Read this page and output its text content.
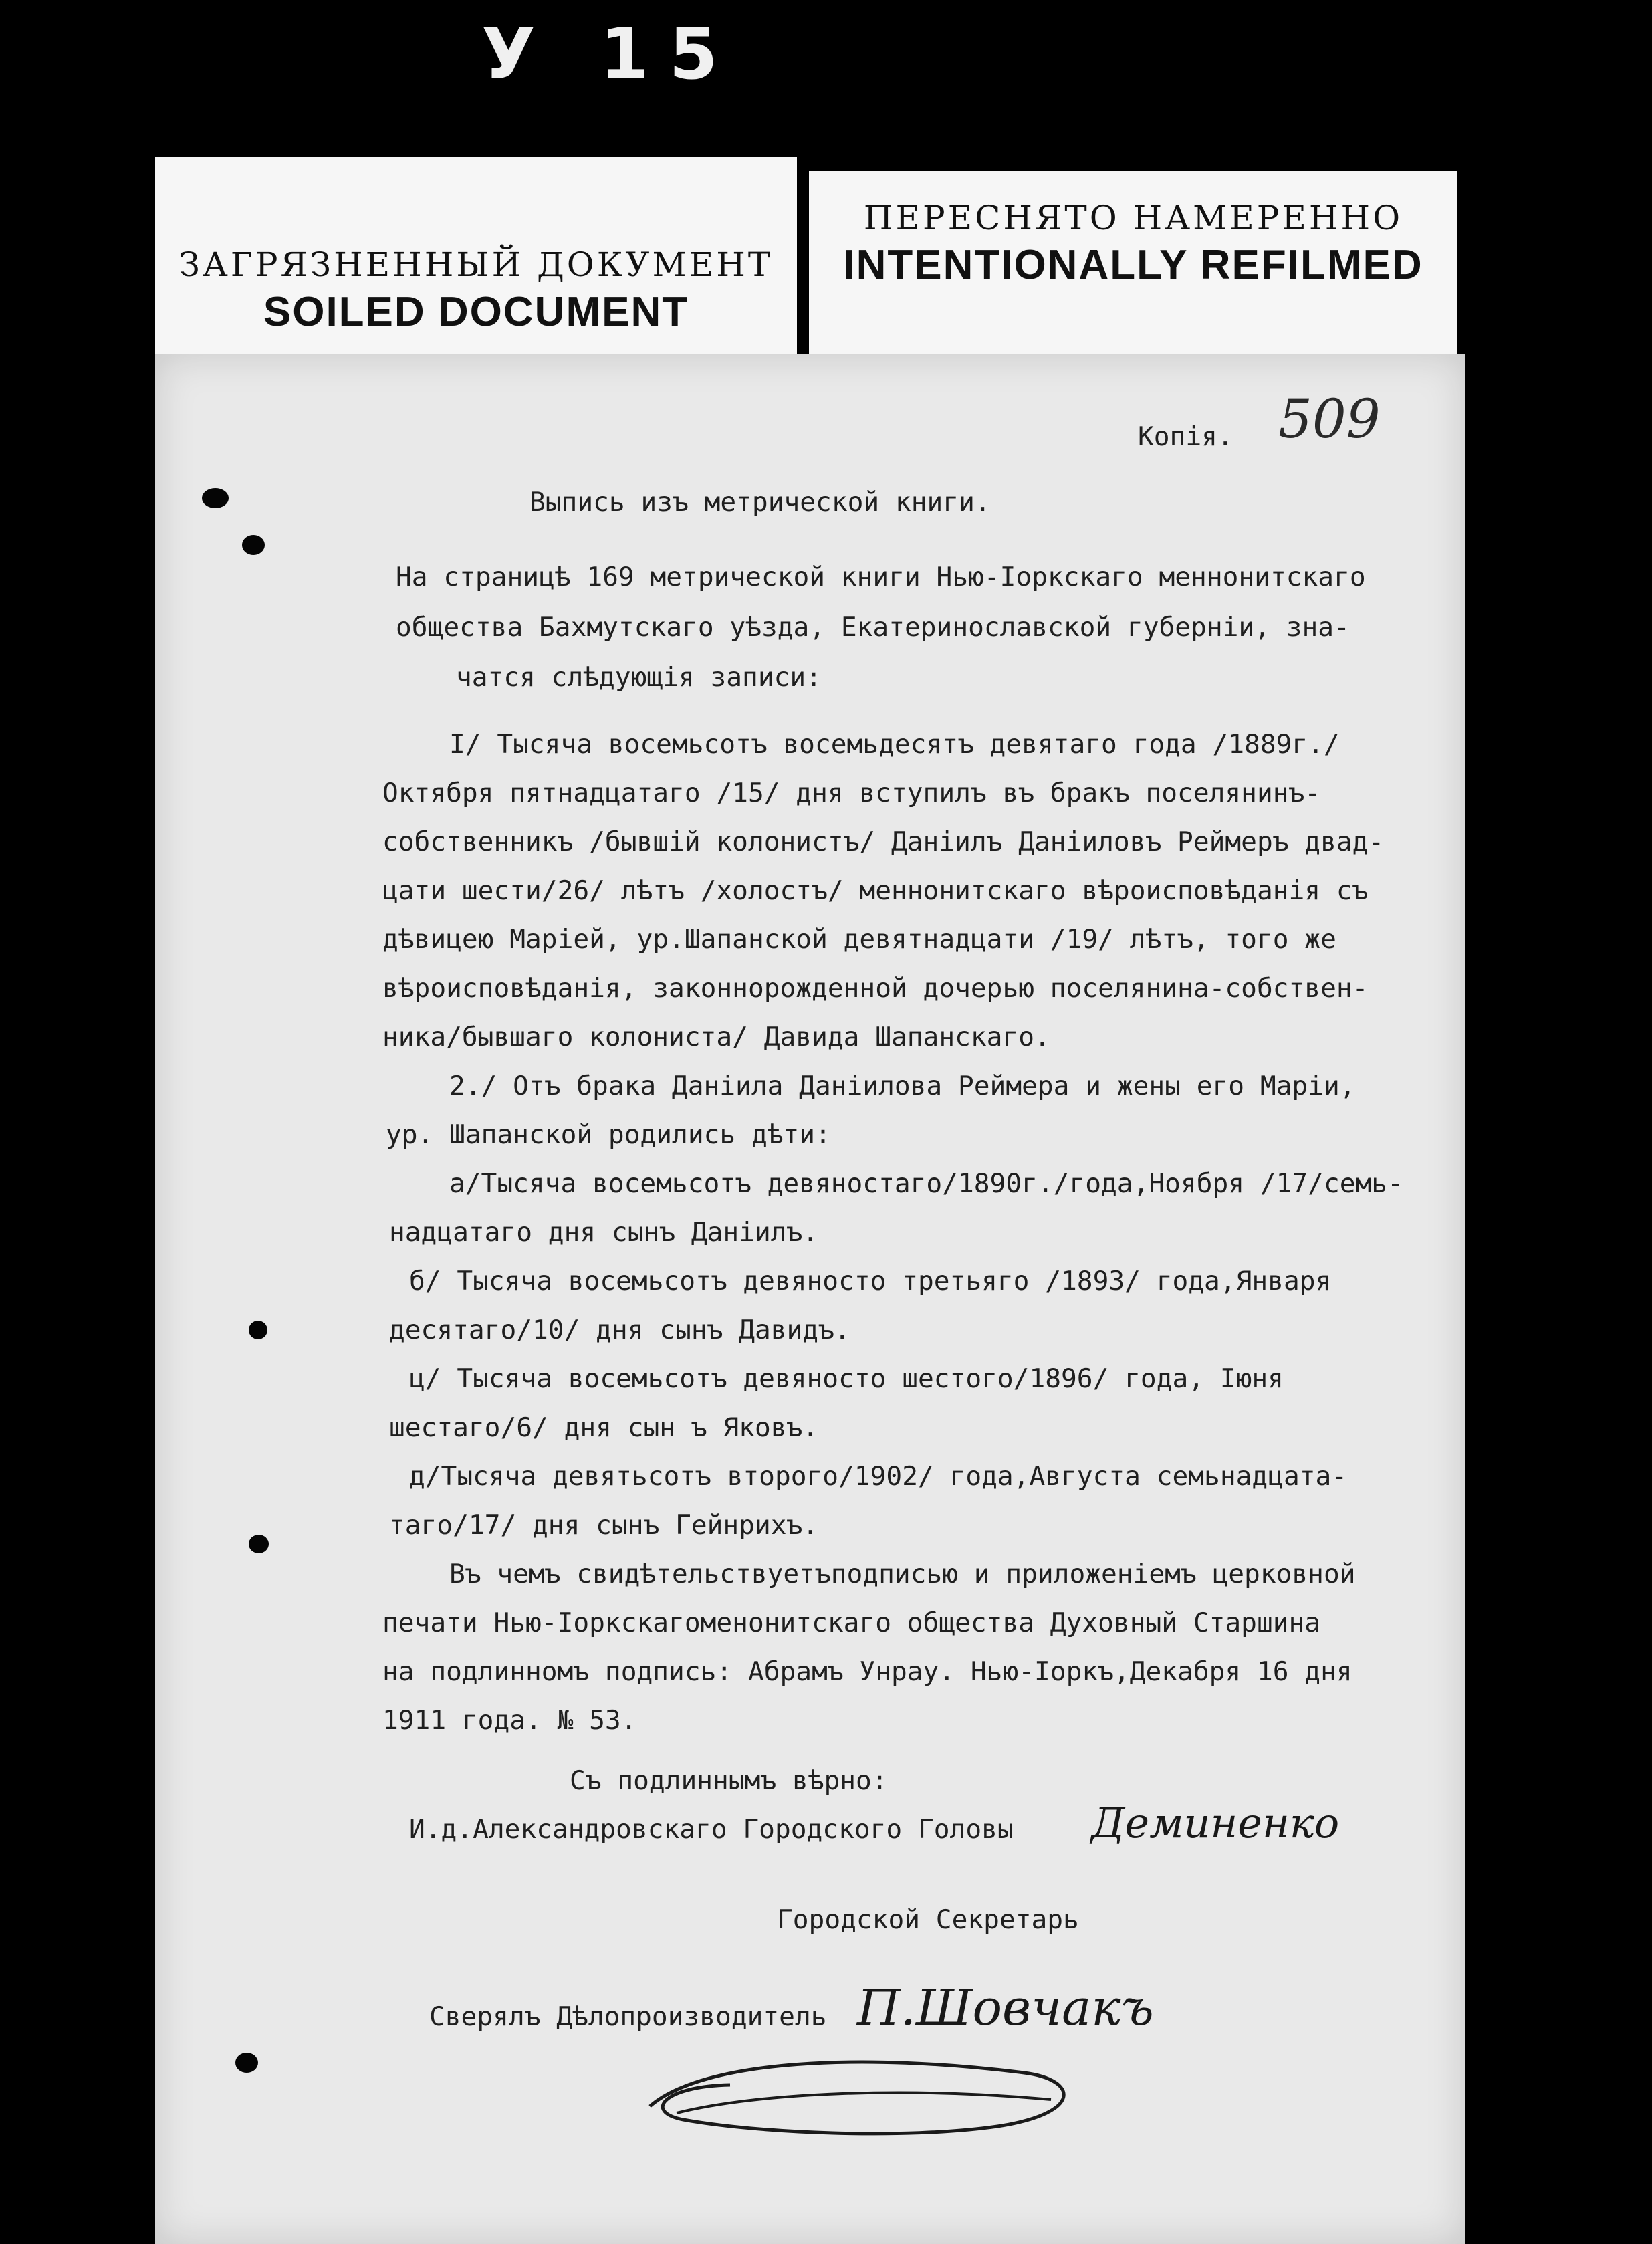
У 15
ЗАГРЯЗНЕННЫЙ ДОКУМЕНТ
SOILED DOCUMENT
ПЕРЕСНЯТО НАМЕРЕННО
INTENTIONALLY REFILMED
509
Копія.
Выпись изъ метрической книги.
На страницѣ 169 метрической книги Нью-Іоркскаго меннонитскаго
общества Бахмутскаго уѣзда, Екатеринославской губерніи, зна-
чатся слѣдующія записи:
І/ Тысяча восемьсотъ восемьдесятъ девятаго года /1889г./
Октября пятнадцатаго /15/ дня вступилъ въ бракъ поселянинъ-
собственникъ /бывшій колонистъ/ Даніилъ Даніиловъ Реймеръ двад-
цати шести/26/ лѣтъ /холостъ/ меннонитскаго вѣроисповѣданія съ
дѣвицею Маріей, ур.Шапанской девятнадцати /19/ лѣтъ, того же
вѣроисповѣданія, законнорожденной дочерью поселянина-собствен-
ника/бывшаго колониста/ Давида Шапанскаго.
2./ Отъ брака Даніила Даніилова Реймера и жены его Маріи,
ур. Шапанской родились дѣти:
а/Тысяча восемьсотъ девяностаго/1890г./года,Ноября /17/семь-
надцатаго дня сынъ Даніилъ.
б/ Тысяча восемьсотъ девяносто третьяго /1893/ года,Января
десятаго/10/ дня сынъ Давидъ.
ц/ Тысяча восемьсотъ девяносто шестого/1896/ года, Іюня
шестаго/6/ дня сын ъ Яковъ.
д/Тысяча девятьсотъ второго/1902/ года,Августа семьнадцата-
таго/17/ дня сынъ Гейнрихъ.
Въ чемъ свидѣтельствуетъподписью и приложеніемъ церковной
печати Нью-Іоркскагоменонитскаго общества Духовный Старшина
на подлинномъ подпись: Абрамъ Унрау. Нью-Іоркъ,Декабря 16 дня
1911 года. № 53.
Съ подлиннымъ вѣрно:
И.д.Александровскаго Городского Головы Деминенко
Городской Секретарь
Сверялъ Дѣлопроизводитель П.Шовчакъ
